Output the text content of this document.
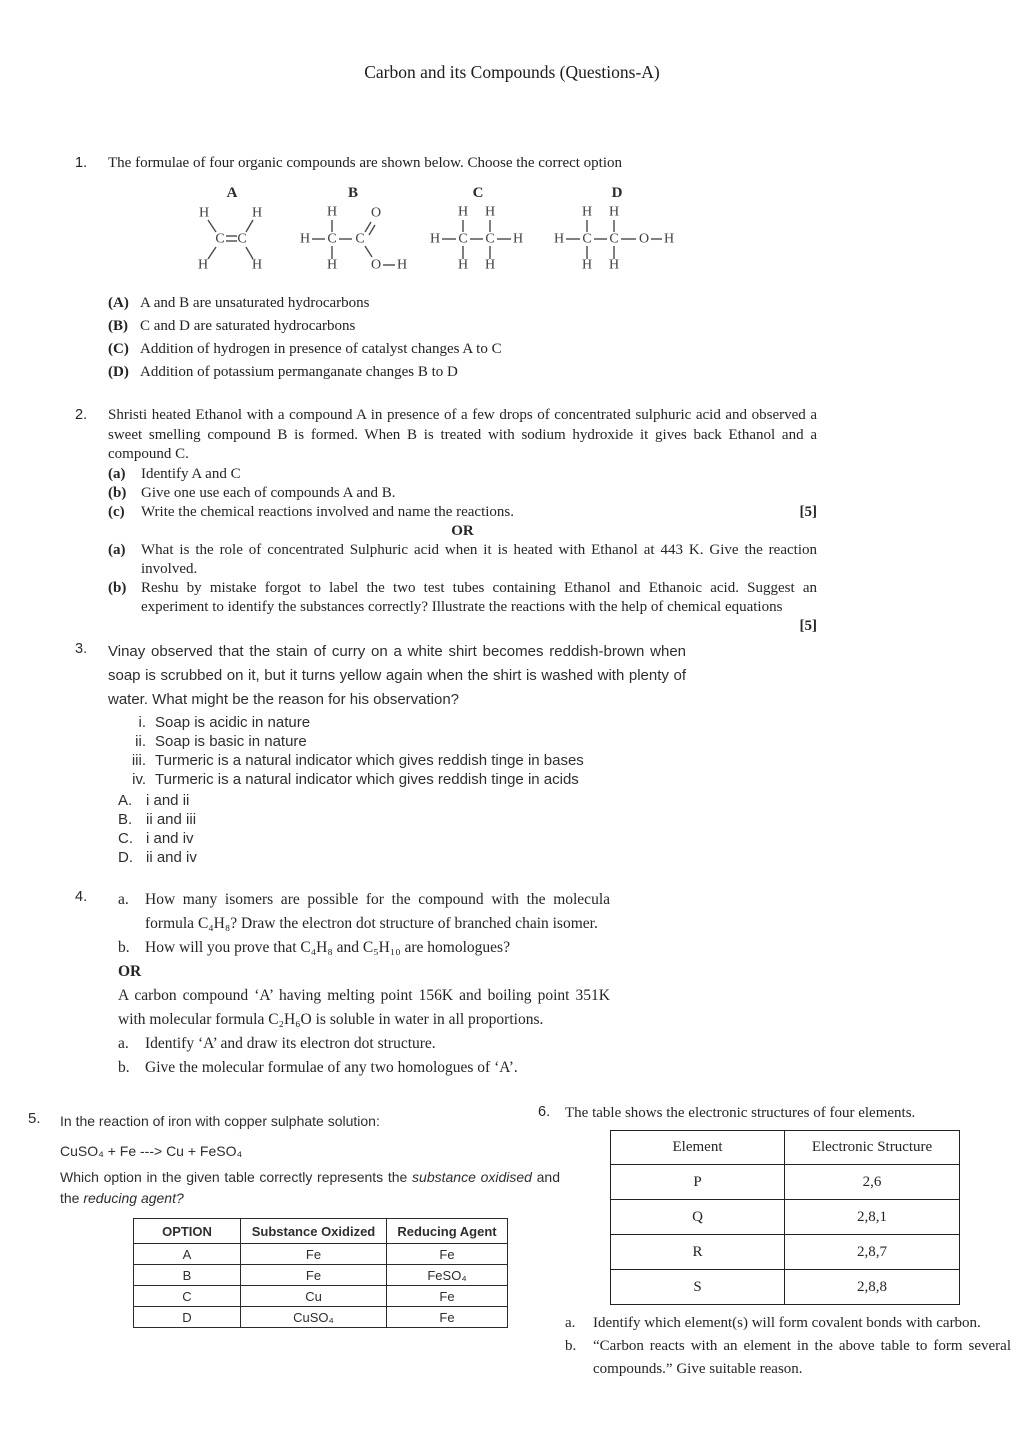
Carbon and its Compounds (Questions-A)
1.	The formulae of four organic compounds are shown below. Choose the correct option
A
H	H
C C
H	H
B
H O
H C C
H O H
C
H H
H C C H
H H
D
H H
H C C O H
H H
(A) A and B are unsaturated hydrocarbons
(B) C and D are saturated hydrocarbons
(C) Addition of hydrogen in presence of catalyst changes A to C
(D) Addition of potassium permanganate changes B to D
2.	Shristi heated Ethanol with a compound A in presence of a few drops of concentrated sulphuric acid and observed a sweet smelling compound B is formed. When B is treated with sodium hydroxide it gives back Ethanol and a compound C.
(a)	Identify A and C
(b) Give one use each of compounds A and B.
(c)	Write the chemical reactions involved and name the reactions.	[5]
OR
(a)	What is the role of concentrated Sulphuric acid when it is heated with Ethanol at 443 K. Give the reaction involved.
(b) Reshu by mistake forgot to label the two test tubes containing Ethanol and Ethanoic acid. Suggest an experiment to identify the substances correctly? Illustrate the reactions with the help of chemical equations
[5]
3.	Vinay observed that the stain of curry on a white shirt becomes reddish-brown when soap is scrubbed on it, but it turns yellow again when the shirt is washed with plenty of water. What might be the reason for his observation?
i. Soap is acidic in nature
ii. Soap is basic in nature
iii. Turmeric is a natural indicator which gives reddish tinge in bases
iv. Turmeric is a natural indicator which gives reddish tinge in acids
A. i and ii
B. ii and iii
C. i and iv
D. ii and iv
4.	a.	How many isomers are possible for the compound with the molecula formula C₄H₈? Draw the electron dot structure of branched chain isomer.
b. How will you prove that C₄H₈ and C₅H₁₀ are homologues?
OR
A carbon compound ‘A’ having melting point 156K and boiling point 351K with molecular formula C₂H₆O is soluble in water in all proportions.
a.	Identify ‘A’ and draw its electron dot structure.
b. Give the molecular formulae of any two homologues of ‘A’.
5.	In the reaction of iron with copper sulphate solution:
CuSO₄ + Fe ---> Cu + FeSO₄
Which option in the given table correctly represents the substance oxidised and the reducing agent?
OPTION	Substance Oxidized	Reducing Agent
A	Fe	Fe
B	Fe	FeSO₄
C	Cu	Fe
D	CuSO₄	Fe
6. The table shows the electronic structures of four elements.
Element	Electronic Structure
P	2,6
Q	2,8,1
R	2,8,7
S	2,8,8
a.	Identify which element(s) will form covalent bonds with carbon.
b.	“Carbon reacts with an element in the above table to form several compounds.” Give suitable reason.
